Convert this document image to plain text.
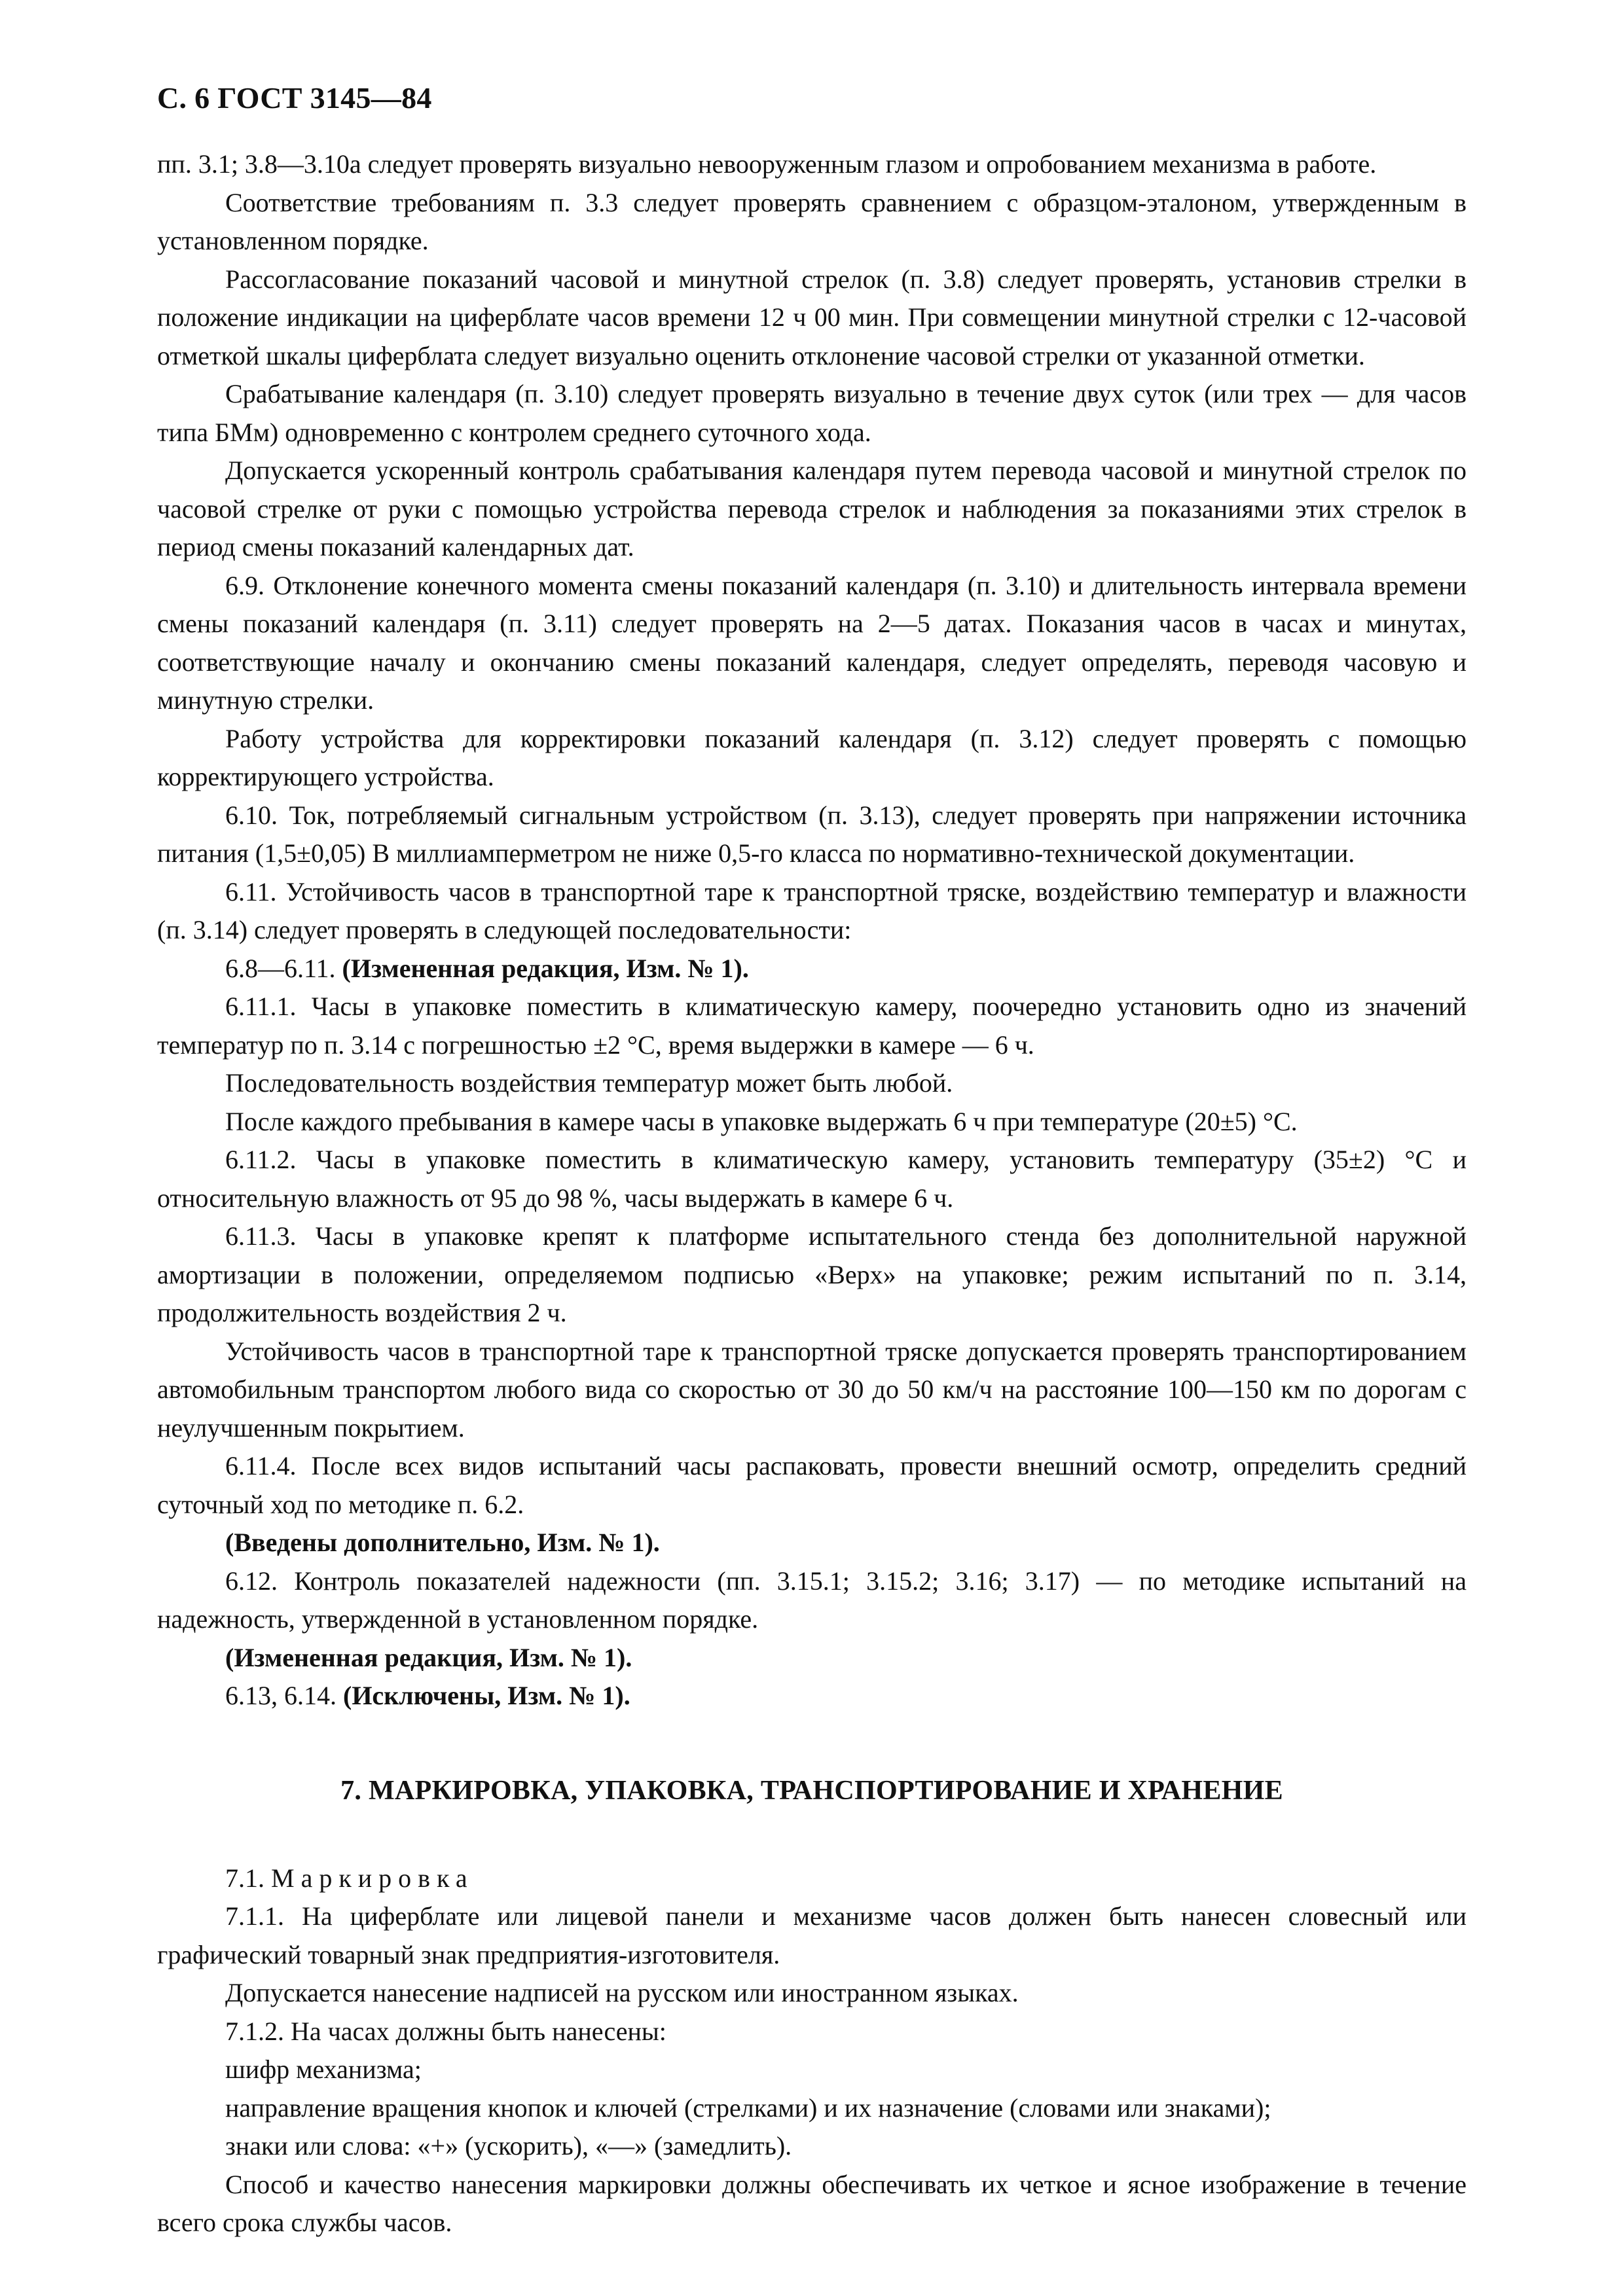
С. 6 ГОСТ 3145—84

пп. 3.1; 3.8—3.10а следует проверять визуально невооруженным глазом и опробованием механизма в работе.

Соответствие требованиям п. 3.3 следует проверять сравнением с образцом-эталоном, утвержденным в установленном порядке.

Рассогласование показаний часовой и минутной стрелок (п. 3.8) следует проверять, установив стрелки в положение индикации на циферблате часов времени 12 ч 00 мин. При совмещении минутной стрелки с 12-часовой отметкой шкалы циферблата следует визуально оценить отклонение часовой стрелки от указанной отметки.

Срабатывание календаря (п. 3.10) следует проверять визуально в течение двух суток (или трех — для часов типа БМм) одновременно с контролем среднего суточного хода.

Допускается ускоренный контроль срабатывания календаря путем перевода часовой и минутной стрелок по часовой стрелке от руки с помощью устройства перевода стрелок и наблюдения за показаниями этих стрелок в период смены показаний календарных дат.

6.9. Отклонение конечного момента смены показаний календаря (п. 3.10) и длительность интервала времени смены показаний календаря (п. 3.11) следует проверять на 2—5 датах. Показания часов в часах и минутах, соответствующие началу и окончанию смены показаний календаря, следует определять, переводя часовую и минутную стрелки.

Работу устройства для корректировки показаний календаря (п. 3.12) следует проверять с помощью корректирующего устройства.

6.10. Ток, потребляемый сигнальным устройством (п. 3.13), следует проверять при напряжении источника питания (1,5±0,05) В миллиамперметром не ниже 0,5-го класса по нормативно-технической документации.

6.11. Устойчивость часов в транспортной таре к транспортной тряске, воздействию температур и влажности (п. 3.14) следует проверять в следующей последовательности:

6.8—6.11. (Измененная редакция, Изм. № 1).

6.11.1. Часы в упаковке поместить в климатическую камеру, поочередно установить одно из значений температур по п. 3.14 с погрешностью ±2 °С, время выдержки в камере — 6 ч.

Последовательность воздействия температур может быть любой.

После каждого пребывания в камере часы в упаковке выдержать 6 ч при температуре (20±5) °С.

6.11.2. Часы в упаковке поместить в климатическую камеру, установить температуру (35±2) °С и относительную влажность от 95 до 98 %, часы выдержать в камере 6 ч.

6.11.3. Часы в упаковке крепят к платформе испытательного стенда без дополнительной наружной амортизации в положении, определяемом подписью «Верх» на упаковке; режим испытаний по п. 3.14, продолжительность воздействия 2 ч.

Устойчивость часов в транспортной таре к транспортной тряске допускается проверять транспортированием автомобильным транспортом любого вида со скоростью от 30 до 50 км/ч на расстояние 100—150 км по дорогам с неулучшенным покрытием.

6.11.4. После всех видов испытаний часы распаковать, провести внешний осмотр, определить средний суточный ход по методике п. 6.2.

(Введены дополнительно, Изм. № 1).

6.12. Контроль показателей надежности (пп. 3.15.1; 3.15.2; 3.16; 3.17) — по методике испытаний на надежность, утвержденной в установленном порядке.

(Измененная редакция, Изм. № 1).

6.13, 6.14. (Исключены, Изм. № 1).

7. МАРКИРОВКА, УПАКОВКА, ТРАНСПОРТИРОВАНИЕ И ХРАНЕНИЕ

7.1. Маркировка

7.1.1. На циферблате или лицевой панели и механизме часов должен быть нанесен словесный или графический товарный знак предприятия-изготовителя.

Допускается нанесение надписей на русском или иностранном языках.

7.1.2. На часах должны быть нанесены:

шифр механизма;

направление вращения кнопок и ключей (стрелками) и их назначение (словами или знаками);

знаки или слова: «+» (ускорить), «—» (замедлить).

Способ и качество нанесения маркировки должны обеспечивать их четкое и ясное изображение в течение всего срока службы часов.
